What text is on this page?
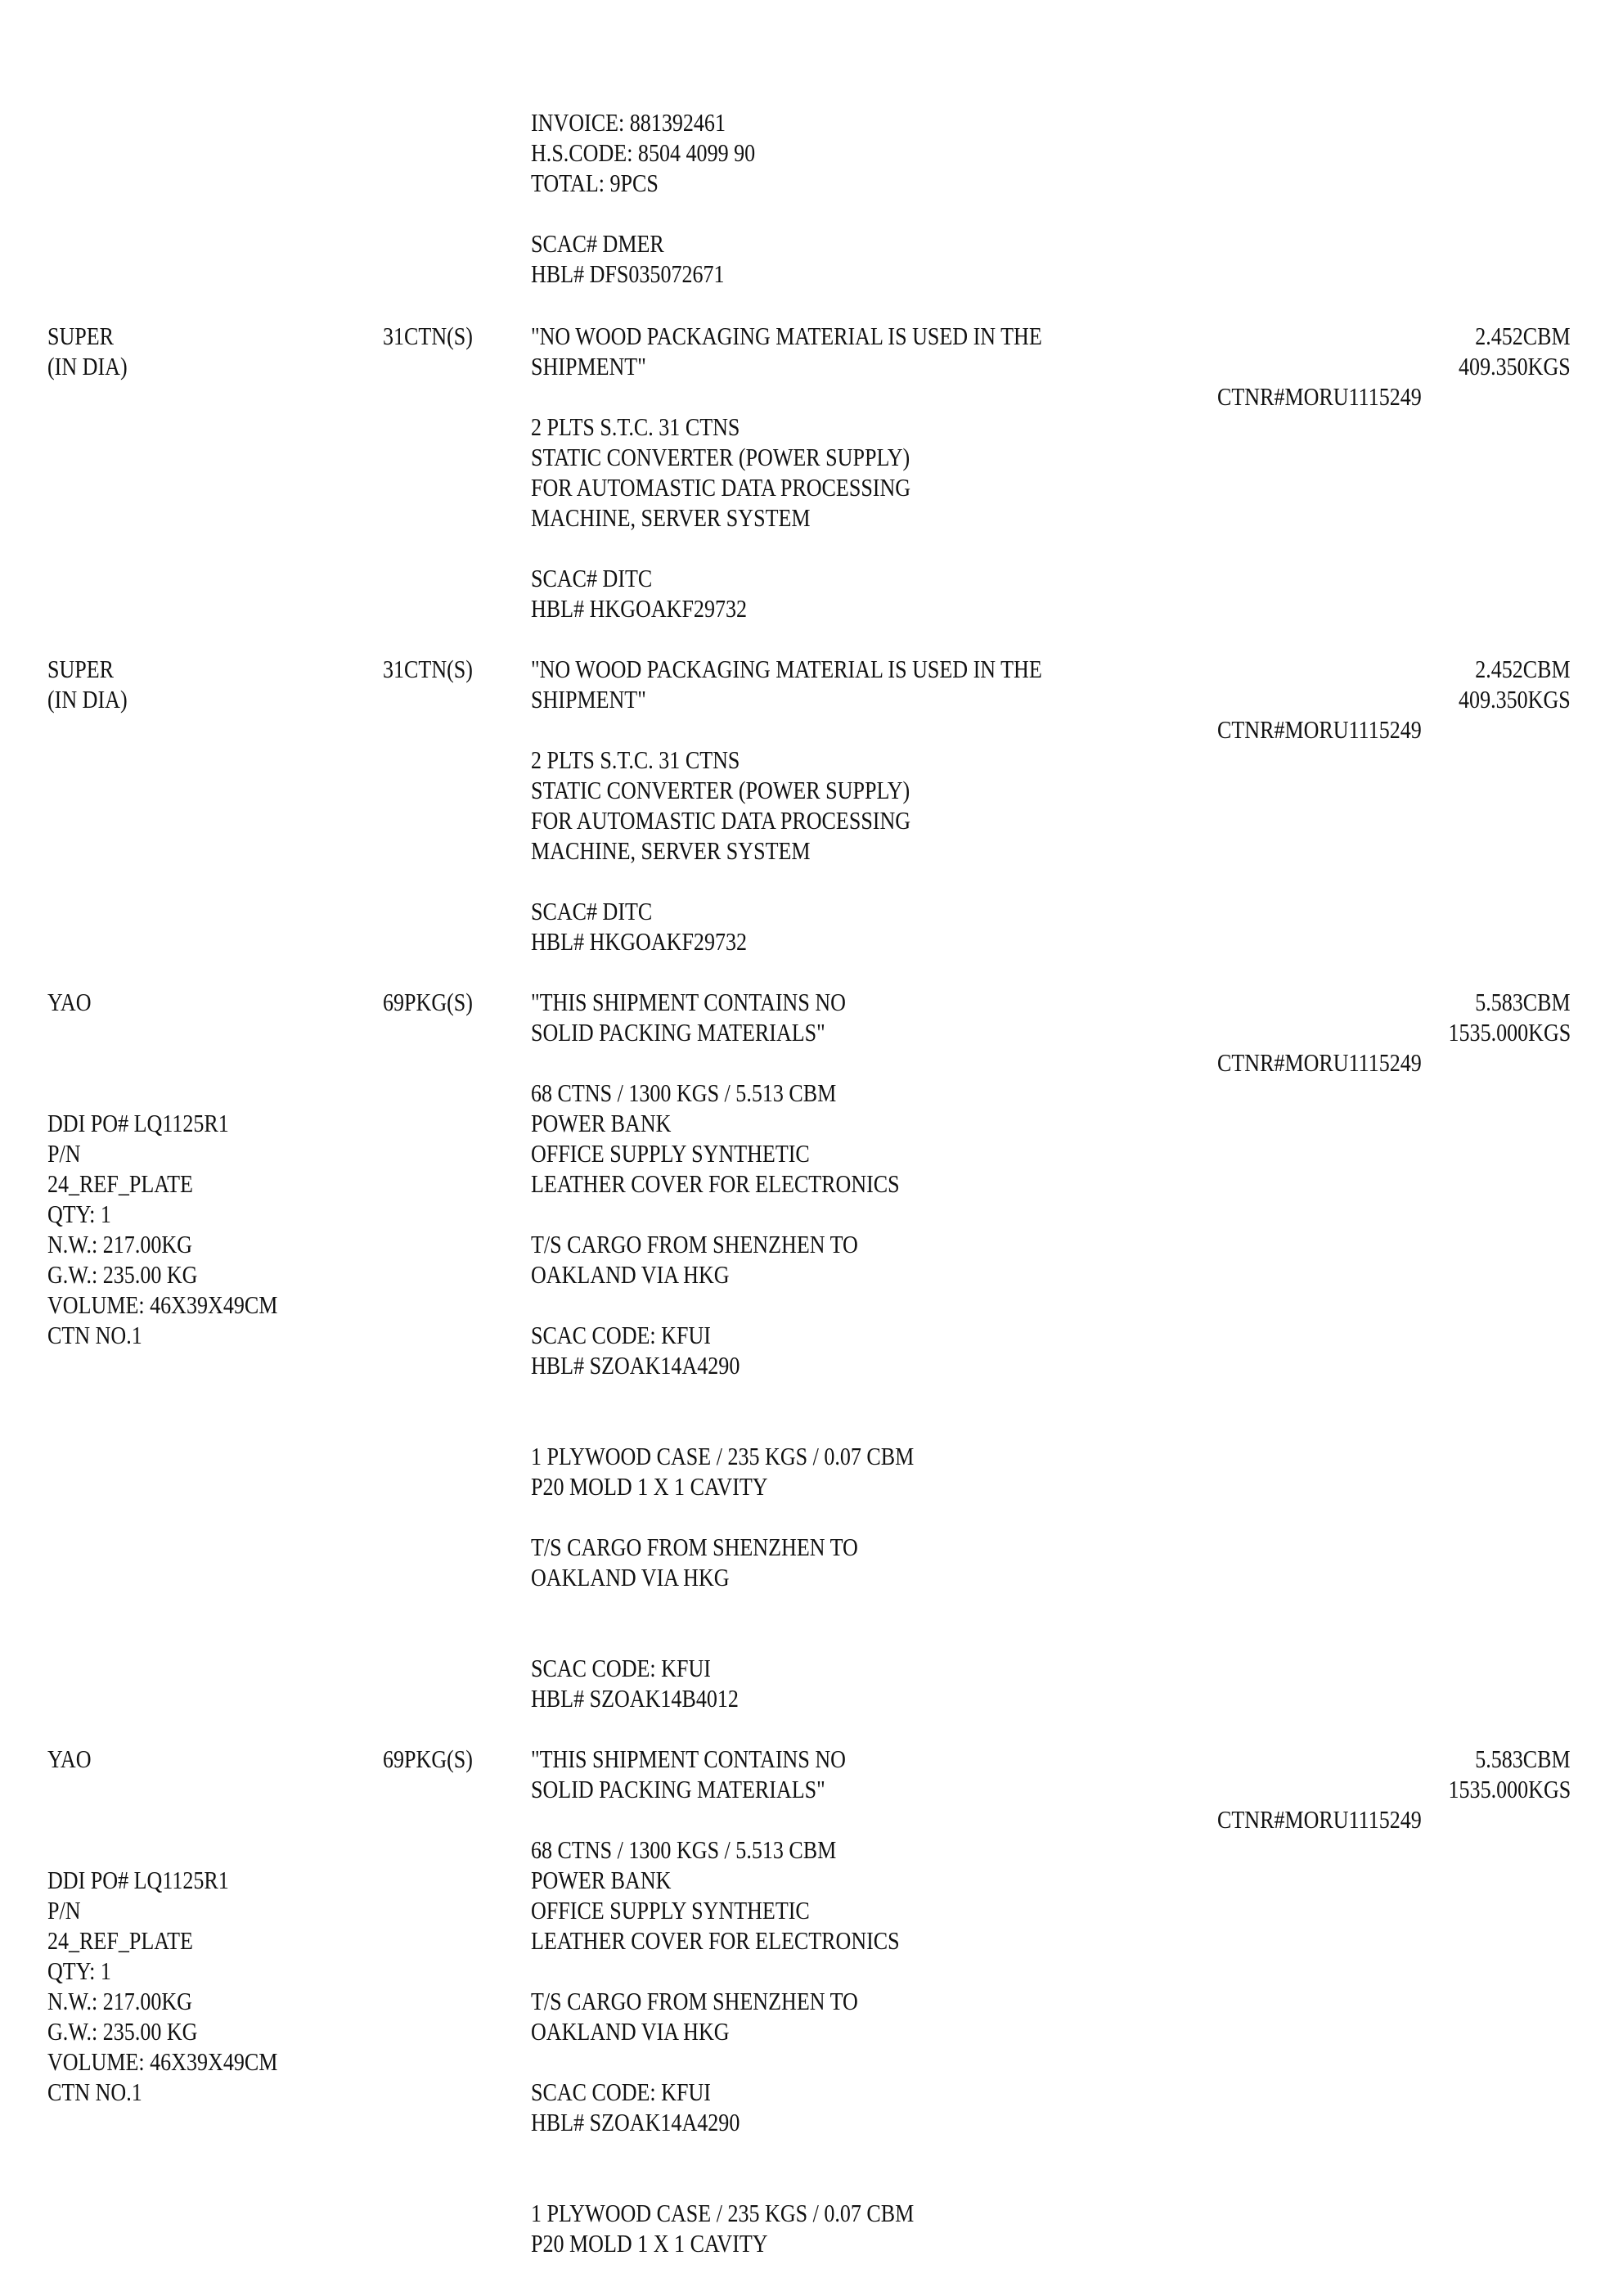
INVOICE: 881392461
H.S.CODE: 8504 4099 90
TOTAL: 9PCS
SCAC# DMER
HBL# DFS035072671
SUPER
(IN DIA)
31CTN(S) "NO WOOD PACKAGING MATERIAL IS USED IN THE
SHIPMENT"
2 PLTS S.T.C. 31 CTNS
STATIC CONVERTER (POWER SUPPLY)
FOR AUTOMASTIC DATA PROCESSING
MACHINE, SERVER SYSTEM
SCAC# DITC
HBL# HKGOAKF29732
2.452CBM
409.350KGS
CTNR#MORU1115249
SUPER
(IN DIA)
31CTN(S) "NO WOOD PACKAGING MATERIAL IS USED IN THE
SHIPMENT"
2 PLTS S.T.C. 31 CTNS
STATIC CONVERTER (POWER SUPPLY)
FOR AUTOMASTIC DATA PROCESSING
MACHINE, SERVER SYSTEM
SCAC# DITC
HBL# HKGOAKF29732
2.452CBM
409.350KGS
CTNR#MORU1115249
YAO
DDI PO# LQ1125R1
P/N
24_REF_PLATE
QTY: 1
N.W.: 217.00KG
G.W.: 235.00 KG
VOLUME: 46X39X49CM
CTN NO.1
69PKG(S) "THIS SHIPMENT CONTAINS NO
SOLID PACKING MATERIALS"
68 CTNS / 1300 KGS / 5.513 CBM
POWER BANK
OFFICE SUPPLY SYNTHETIC
LEATHER COVER FOR ELECTRONICS
T/S CARGO FROM SHENZHEN TO
OAKLAND VIA HKG
SCAC CODE: KFUI
HBL# SZOAK14A4290
1 PLYWOOD CASE / 235 KGS / 0.07 CBM
P20 MOLD 1 X 1 CAVITY
T/S CARGO FROM SHENZHEN TO
OAKLAND VIA HKG
SCAC CODE: KFUI
HBL# SZOAK14B4012
5.583CBM
1535.000KGS
CTNR#MORU1115249
YAO
DDI PO# LQ1125R1
P/N
24_REF_PLATE
QTY: 1
N.W.: 217.00KG
G.W.: 235.00 KG
VOLUME: 46X39X49CM
CTN NO.1
69PKG(S) "THIS SHIPMENT CONTAINS NO
SOLID PACKING MATERIALS"
68 CTNS / 1300 KGS / 5.513 CBM
POWER BANK
OFFICE SUPPLY SYNTHETIC
LEATHER COVER FOR ELECTRONICS
T/S CARGO FROM SHENZHEN TO
OAKLAND VIA HKG
SCAC CODE: KFUI
HBL# SZOAK14A4290
1 PLYWOOD CASE / 235 KGS / 0.07 CBM
P20 MOLD 1 X 1 CAVITY
5.583CBM
1535.000KGS
CTNR#MORU1115249
